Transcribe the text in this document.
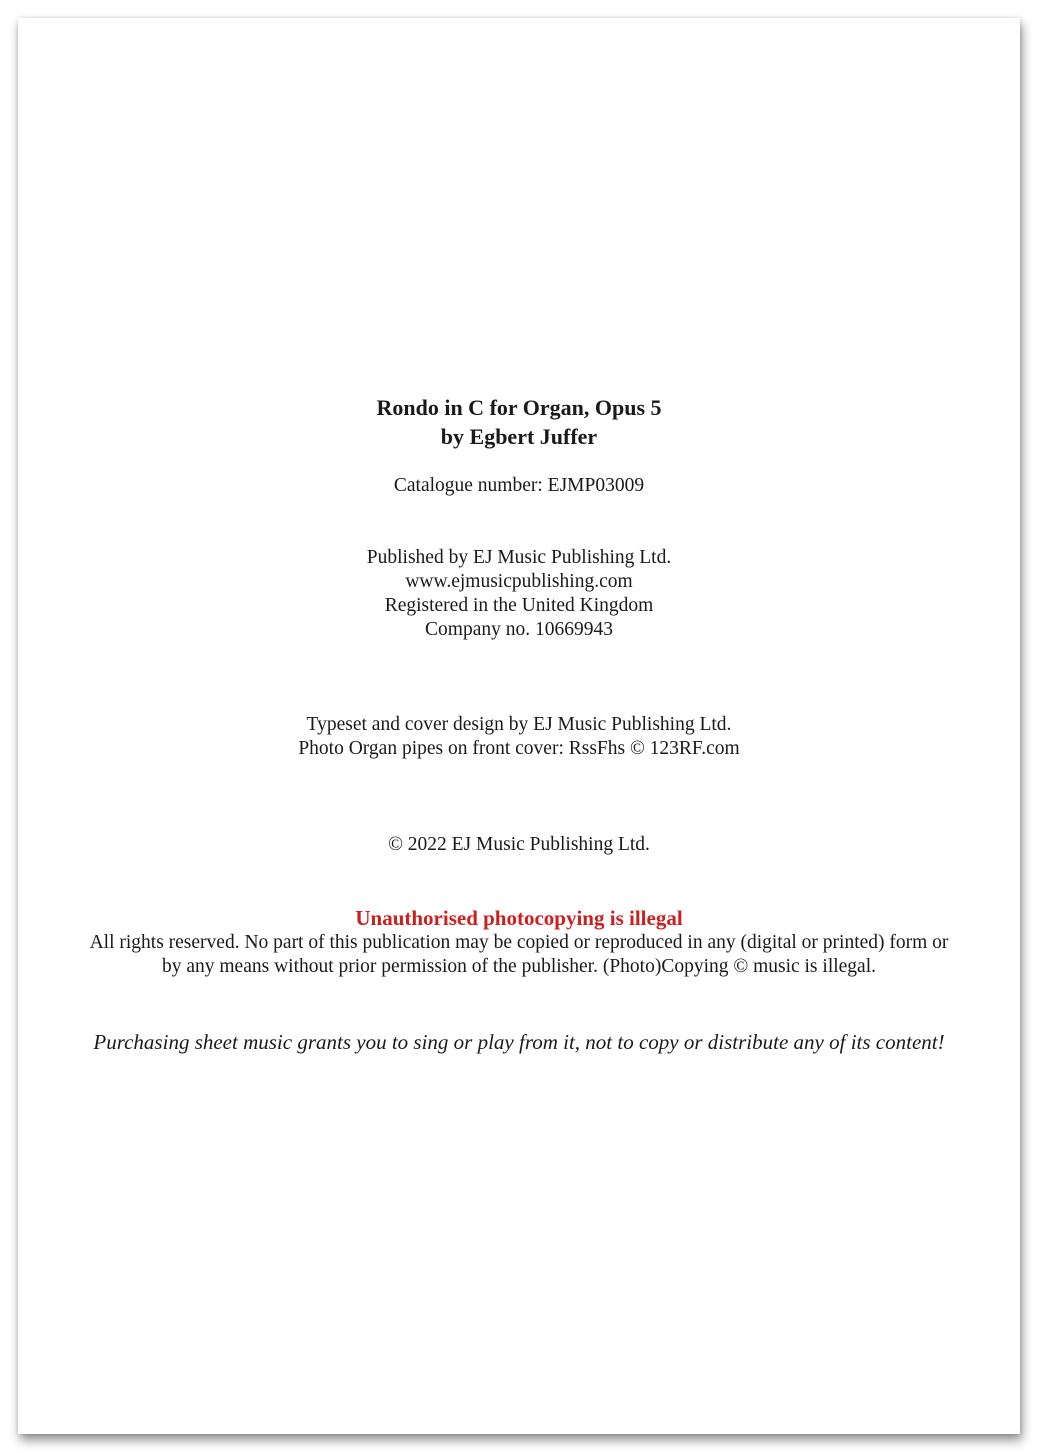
Rondo in C for Organ, Opus 5
by Egbert Juffer
Catalogue number: EJMP03009
Published by EJ Music Publishing Ltd.
www.ejmusicpublishing.com
Registered in the United Kingdom
Company no. 10669943
Typeset and cover design by EJ Music Publishing Ltd.
Photo Organ pipes on front cover: RssFhs © 123RF.com
© 2022 EJ Music Publishing Ltd.
Unauthorised photocopying is illegal
All rights reserved. No part of this publication may be copied or reproduced in any (digital or printed) form or
by any means without prior permission of the publisher. (Photo)Copying © music is illegal.
Purchasing sheet music grants you to sing or play from it, not to copy or distribute any of its content!
